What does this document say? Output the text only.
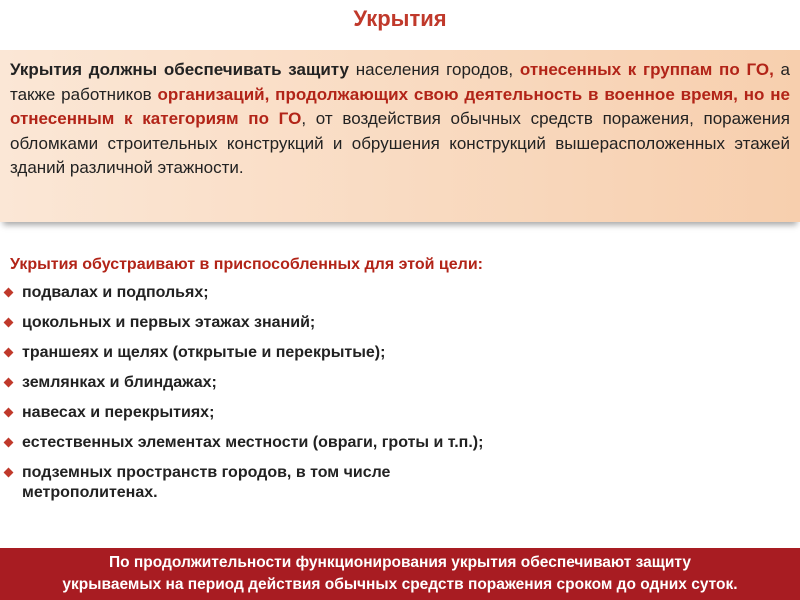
Укрытия

Укрытия должны обеспечивать защиту населения городов, отнесенных к группам по ГО, а также работников организаций, продолжающих свою деятельность в военное время, но не отнесенным к категориям по ГО, от воздействия обычных средств поражения, поражения обломками строительных конструкций и обрушения конструкций вышерасположенных этажей зданий различной этажности.

Укрытия обустраивают в приспособленных для этой цели:
подвалах и подпольях;
цокольных и первых этажах знаний;
траншеях и щелях (открытые и перекрытые);
землянках и блиндажах;
навесах и перекрытиях;
естественных элементах местности (овраги, гроты и т.п.);
подземных пространств городов, в том числе метрополитенах.
По продолжительности функционирования укрытия обеспечивают защиту
укрываемых на период действия обычных средств поражения сроком до одних суток.
